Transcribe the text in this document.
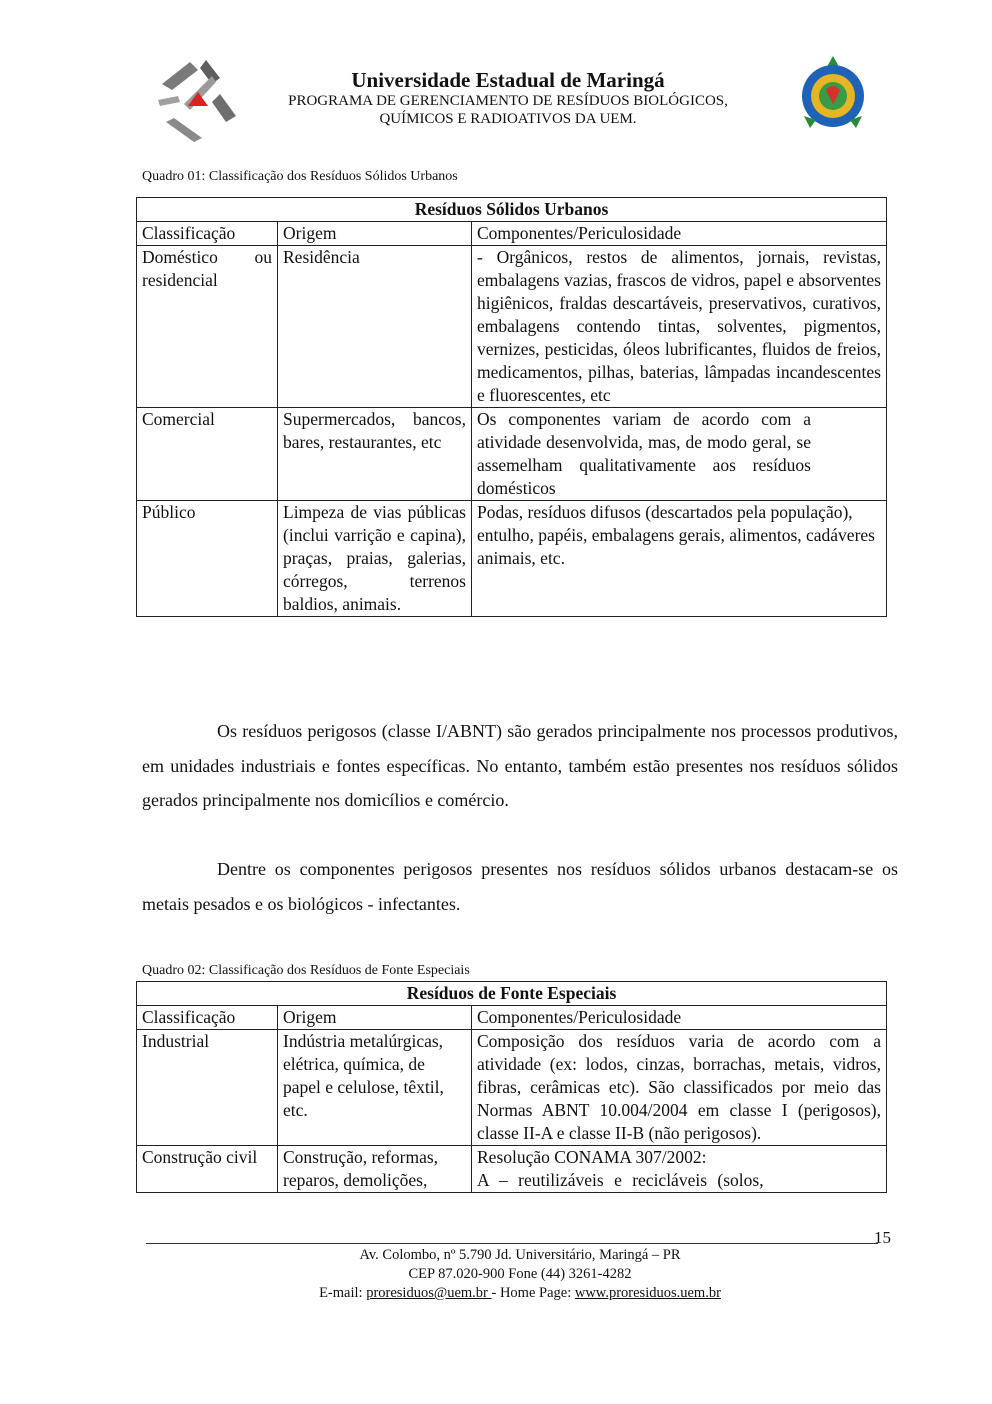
Universidade Estadual de Maringá
PROGRAMA DE GERENCIAMENTO DE RESÍDUOS BIOLÓGICOS,
QUÍMICOS E RADIOATIVOS DA UEM.
Quadro 01: Classificação dos Resíduos Sólidos Urbanos
Resíduos Sólidos Urbanos		
Classificação	Origem	Componentes/Periculosidade
Doméstico ou residencial	Residência	- Orgânicos, restos de alimentos, jornais, revistas, embalagens vazias, frascos de vidros, papel e absorventes higiênicos, fraldas descartáveis, preservativos, curativos, embalagens contendo tintas, solventes, pigmentos, vernizes, pesticidas, óleos lubrificantes, fluidos de freios, medicamentos, pilhas, baterias, lâmpadas incandescentes e fluorescentes, etc
Comercial	Supermercados, bancos, bares, restaurantes, etc	Os componentes variam de acordo com a atividade desenvolvida, mas, de modo geral, se assemelham qualitativamente aos resíduos domésticos
Público	Limpeza de vias públicas (inclui varrição e capina), praças, praias, galerias, córregos, terrenos baldios, animais.	Podas, resíduos difusos (descartados pela população), entulho, papéis, embalagens gerais, alimentos, cadáveres animais, etc.
Os resíduos perigosos (classe I/ABNT) são gerados principalmente nos processos produtivos, em unidades industriais e fontes específicas. No entanto, também estão presentes nos resíduos sólidos gerados principalmente nos domicílios e comércio.
Dentre os componentes perigosos presentes nos resíduos sólidos urbanos destacam-se os metais pesados e os biológicos - infectantes.
Quadro 02: Classificação dos Resíduos de Fonte Especiais
Resíduos de Fonte Especiais		
Classificação	Origem	Componentes/Periculosidade
Industrial	Indústria metalúrgicas, elétrica, química, de papel e celulose, têxtil, etc.	Composição dos resíduos varia de acordo com a atividade (ex: lodos, cinzas, borrachas, metais, vidros, fibras, cerâmicas etc). São classificados por meio das Normas ABNT 10.004/2004 em classe I (perigosos), classe II-A e classe II-B (não perigosos).
Construção civil	Construção, reformas, reparos, demolições,	Resolução CONAMA 307/2002:
A – reutilizáveis e recicláveis (solos,
15
Av. Colombo, nº 5.790 Jd. Universitário, Maringá – PR
CEP 87.020-900 Fone (44) 3261-4282
E-mail: proresiduos@uem.br - Home Page: www.proresiduos.uem.br
